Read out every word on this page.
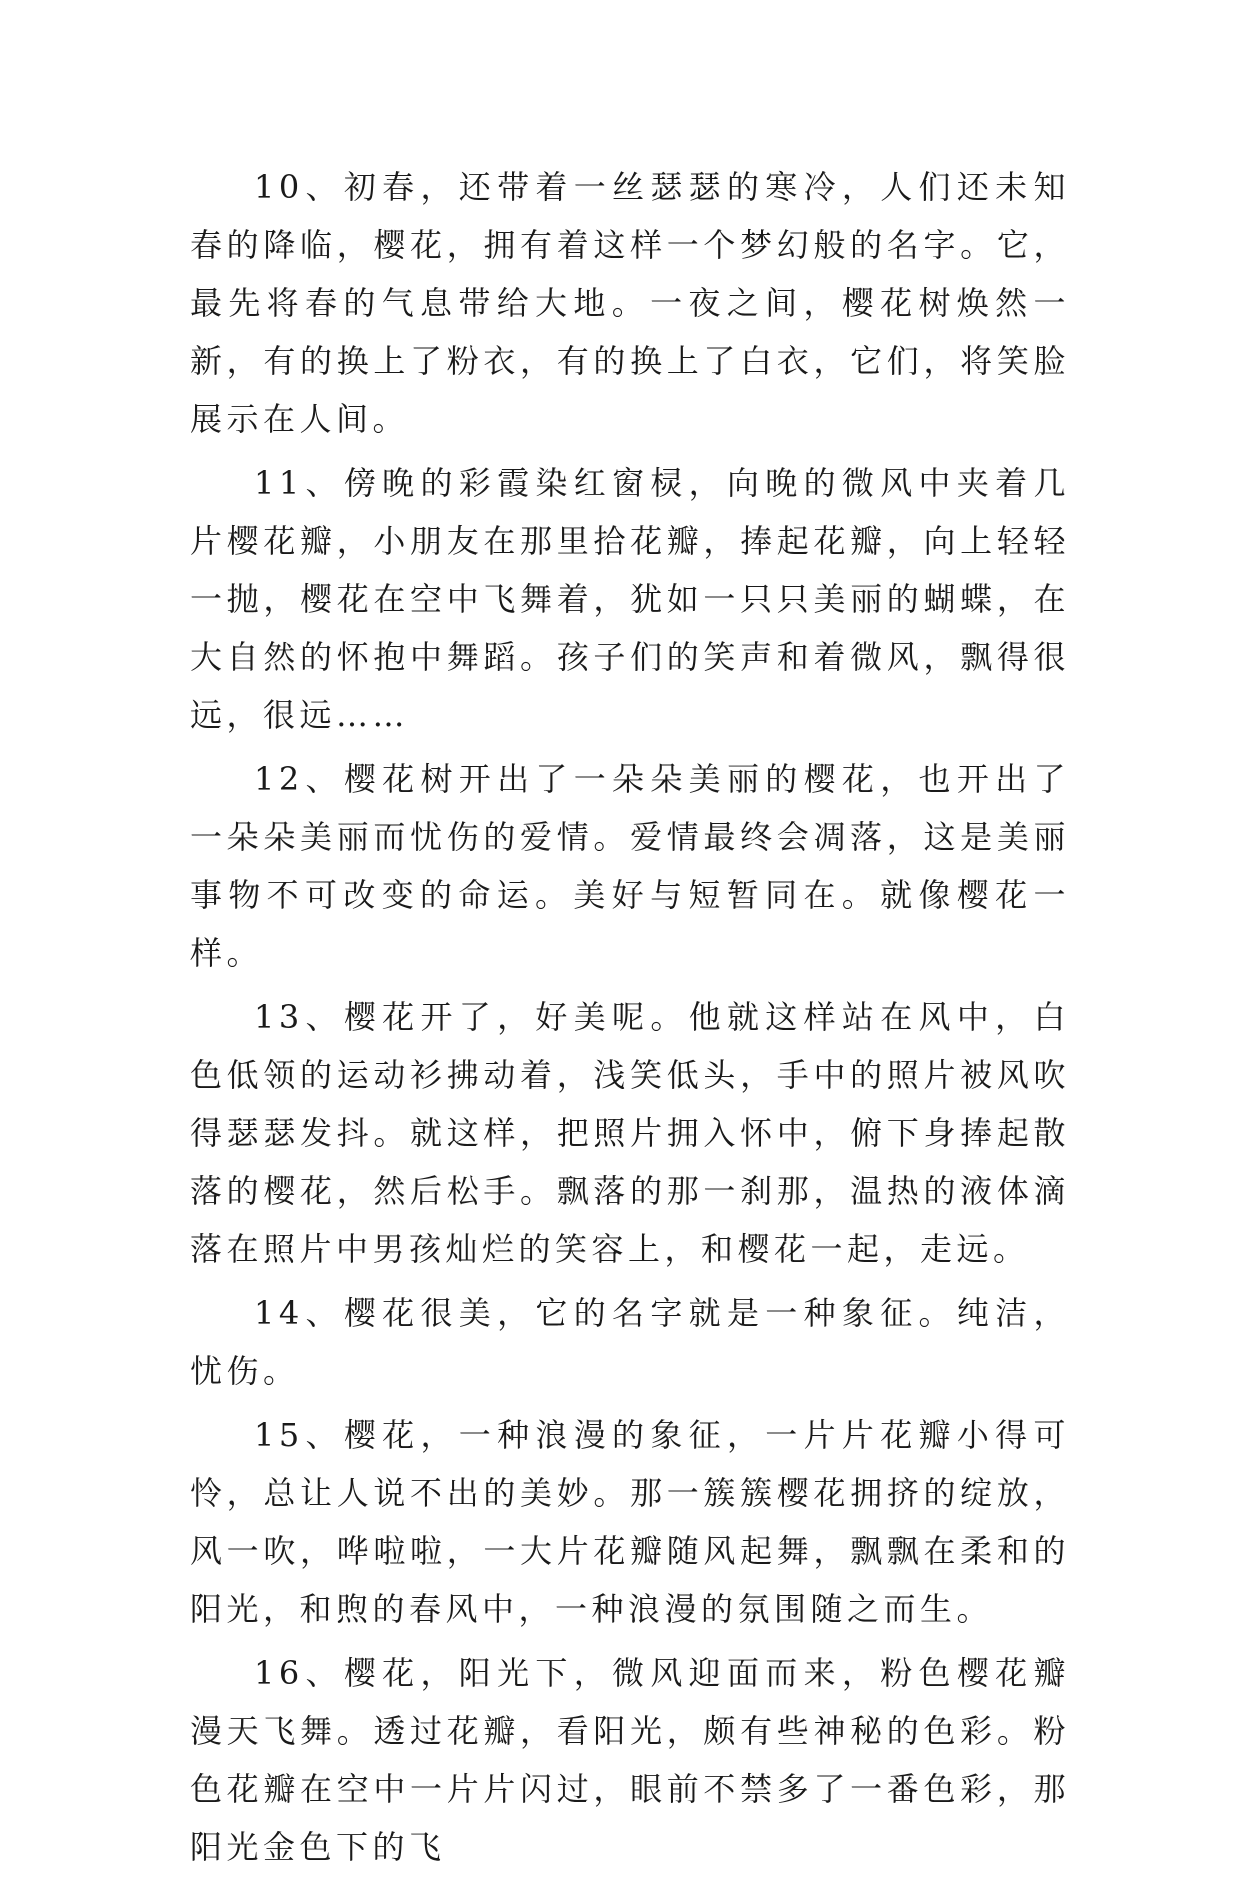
10、初春，还带着一丝瑟瑟的寒冷，人们还未知春的降临，樱花，拥有着这样一个梦幻般的名字。它，最先将春的气息带给大地。一夜之间，樱花树焕然一新，有的换上了粉衣，有的换上了白衣，它们，将笑脸展示在人间。

11、傍晚的彩霞染红窗棂，向晚的微风中夹着几片樱花瓣，小朋友在那里拾花瓣，捧起花瓣，向上轻轻一抛，樱花在空中飞舞着，犹如一只只美丽的蝴蝶，在大自然的怀抱中舞蹈。孩子们的笑声和着微风，飘得很远，很远……

12、樱花树开出了一朵朵美丽的樱花，也开出了一朵朵美丽而忧伤的爱情。爱情最终会凋落，这是美丽事物不可改变的命运。美好与短暂同在。就像樱花一样。

13、樱花开了，好美呢。他就这样站在风中，白色低领的运动衫拂动着，浅笑低头，手中的照片被风吹得瑟瑟发抖。就这样，把照片拥入怀中，俯下身捧起散落的樱花，然后松手。飘落的那一刹那，温热的液体滴落在照片中男孩灿烂的笑容上，和樱花一起，走远。

14、樱花很美，它的名字就是一种象征。纯洁，忧伤。

15、樱花，一种浪漫的象征，一片片花瓣小得可怜，总让人说不出的美妙。那一簇簇樱花拥挤的绽放，风一吹，哗啦啦，一大片花瓣随风起舞，飘飘在柔和的阳光，和煦的春风中，一种浪漫的氛围随之而生。

16、樱花，阳光下，微风迎面而来，粉色樱花瓣漫天飞舞。透过花瓣，看阳光，颇有些神秘的色彩。粉色花瓣在空中一片片闪过，眼前不禁多了一番色彩，那阳光金色下的飞
